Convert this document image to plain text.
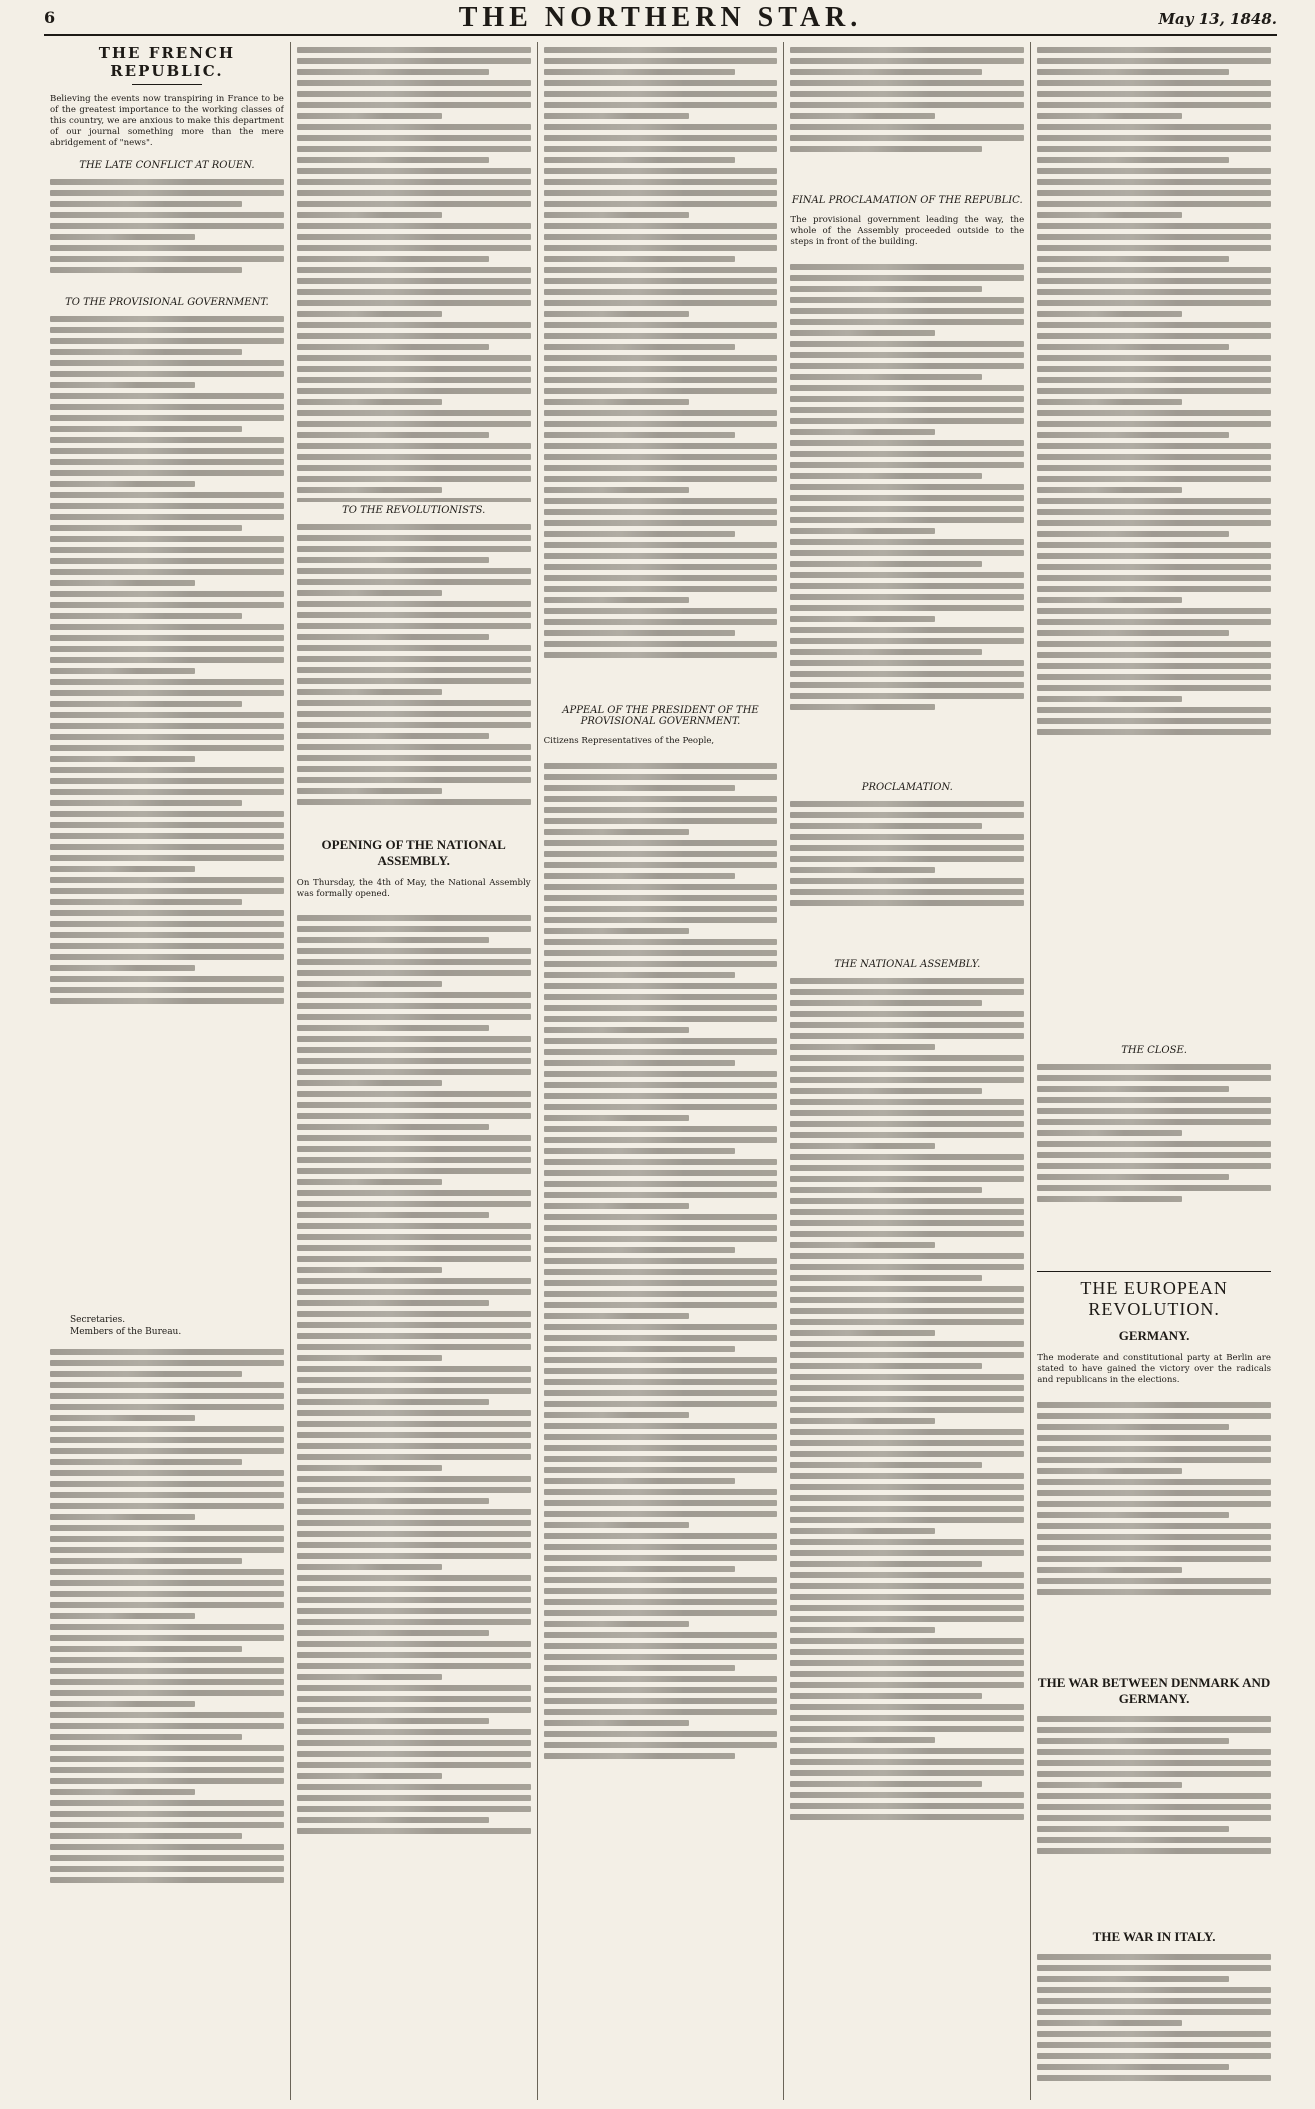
6	THE NORTHERN STAR.	May 13, 1848.
THE FRENCH REPUBLIC.

Believing the events now transpiring in France to be of the greatest importance to the working classes of this country, we are anxious to make this department of our journal something more than the mere abridgement of "news".

THE LATE CONFLICT AT ROUEN.
TO THE PROVISIONAL GOVERNMENT.
Secretaries.
Members of the Bureau.
TO THE REVOLUTIONISTS.
OPENING OF THE NATIONAL ASSEMBLY.

On Thursday, the 4th of May, the National Assembly was formally opened.

APPEAL OF THE PRESIDENT OF THE PROVISIONAL GOVERNMENT.

Citizens Representatives of the People,

FINAL PROCLAMATION OF THE REPUBLIC.

The provisional government leading the way, the whole of the Assembly proceeded outside to the steps in front of the building.

PROCLAMATION.
THE NATIONAL ASSEMBLY.
THE CLOSE.
THE EUROPEAN REVOLUTION.
GERMANY.

The moderate and constitutional party at Berlin are stated to have gained the victory over the radicals and republicans in the elections.

THE WAR BETWEEN DENMARK AND GERMANY.
THE WAR IN ITALY.
